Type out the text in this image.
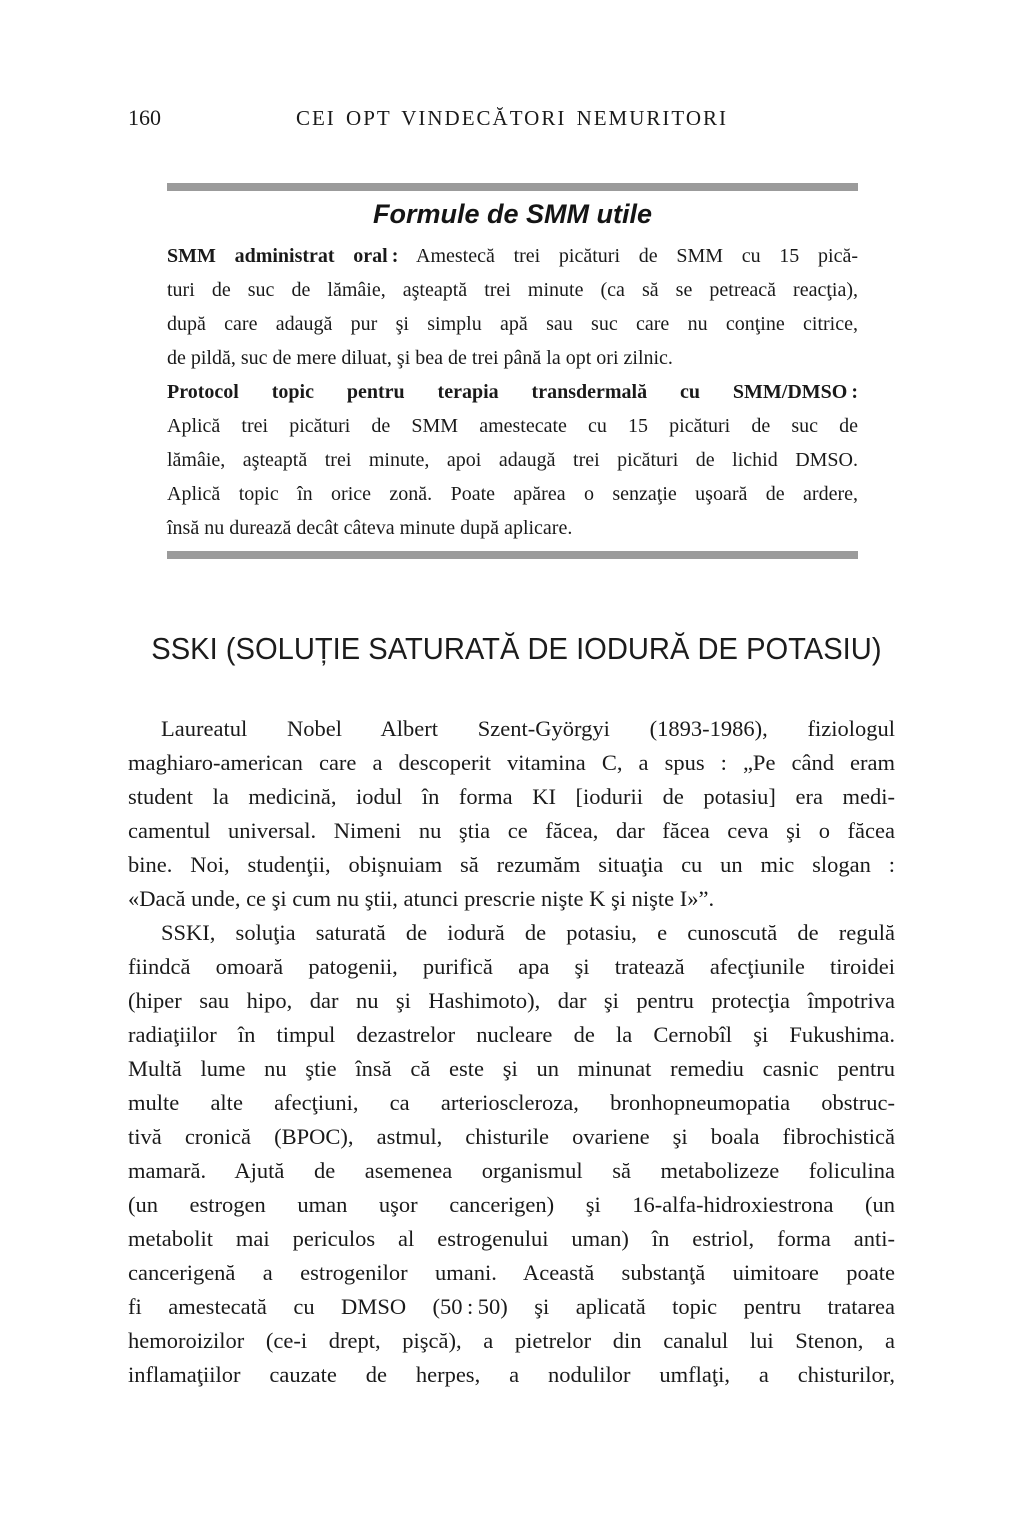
160	CEI OPT VINDECĂTORI NEMURITORI
Formule de SMM utile
SMM administrat oral : Amestecă trei picături de SMM cu 15 pică-
turi de suc de lămâie, aşteaptă trei minute (ca să se petreacă reacţia),
după care adaugă pur şi simplu apă sau suc care nu conţine citrice,
de pildă, suc de mere diluat, şi bea de trei până la opt ori zilnic.
Protocol topic pentru terapia transdermală cu SMM/DMSO :
Aplică trei picături de SMM amestecate cu 15 picături de suc de
lămâie, aşteaptă trei minute, apoi adaugă trei picături de lichid DMSO.
Aplică topic în orice zonă. Poate apărea o senzaţie uşoară de ardere,
însă nu durează decât câteva minute după aplicare.
SSKI (SOLUȚIE SATURATĂ DE IODURĂ DE POTASIU)
Laureatul Nobel Albert Szent-Györgyi (1893-1986), fiziologul
maghiaro-american care a descoperit vitamina C, a spus : „Pe când eram
student la medicină, iodul în forma KI [iodurii de potasiu] era medi-
camentul universal. Nimeni nu ştia ce făcea, dar făcea ceva şi o făcea
bine. Noi, studenţii, obişnuiam să rezumăm situaţia cu un mic slogan :
«Dacă unde, ce şi cum nu ştii, atunci prescrie nişte K şi nişte I»”.
SSKI, soluţia saturată de iodură de potasiu, e cunoscută de regulă
fiindcă omoară patogenii, purifică apa şi tratează afecţiunile tiroidei
(hiper sau hipo, dar nu şi Hashimoto), dar şi pentru protecţia împotriva
radiaţiilor în timpul dezastrelor nucleare de la Cernobîl şi Fukushima.
Multă lume nu ştie însă că este şi un minunat remediu casnic pentru
multe alte afecţiuni, ca arterioscleroza, bronhopneumopatia obstruc-
tivă cronică (BPOC), astmul, chisturile ovariene şi boala fibrochistică
mamară. Ajută de asemenea organismul să metabolizeze foliculina
(un estrogen uman uşor cancerigen) şi 16-alfa-hidroxiestrona (un
metabolit mai periculos al estrogenului uman) în estriol, forma anti-
cancerigenă a estrogenilor umani. Această substanţă uimitoare poate
fi amestecată cu DMSO (50 : 50) şi aplicată topic pentru tratarea
hemoroizilor (ce-i drept, pişcă), a pietrelor din canalul lui Stenon, a
inflamaţiilor cauzate de herpes, a nodulilor umflaţi, a chisturilor,
